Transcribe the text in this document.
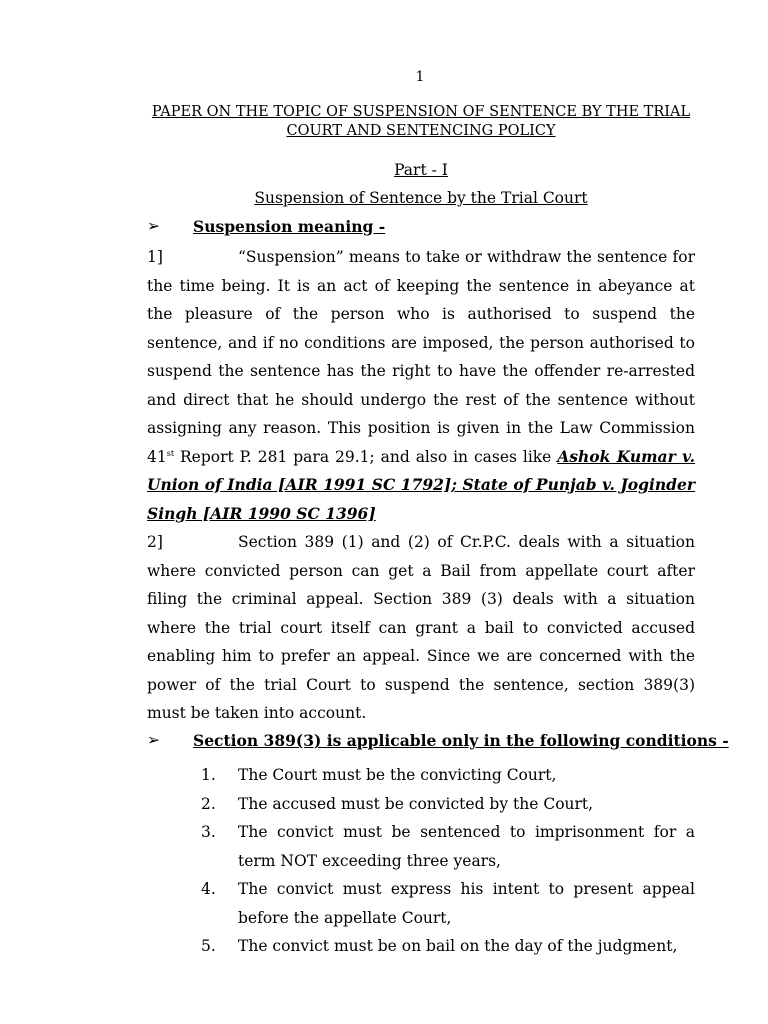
1
PAPER ON THE TOPIC OF SUSPENSION OF SENTENCE BY THE TRIAL COURT AND SENTENCING POLICY
Part - I
Suspension of Sentence by the Trial Court
➢ Suspension meaning -
1]	“Suspension” means to take or withdraw the sentence for the time being. It is an act of keeping the sentence in abeyance at the pleasure of the person who is authorised to suspend the sentence, and if no conditions are imposed, the person authorised to suspend the sentence has the right to have the offender re-arrested and direct that he should undergo the rest of the sentence without assigning any reason. This position is given in the Law Commission 41st Report P. 281 para 29.1; and also in cases like Ashok Kumar v. Union of India [AIR 1991 SC 1792]; State of Punjab v. Joginder Singh [AIR 1990 SC 1396]
2]	Section 389 (1) and (2) of Cr.P.C. deals with a situation where convicted person can get a Bail from appellate court after filing the criminal appeal. Section 389 (3) deals with a situation where the trial court itself can grant a bail to convicted accused enabling him to prefer an appeal. Since we are concerned with the power of the trial Court to suspend the sentence, section 389(3) must be taken into account.
➢ Section 389(3) is applicable only in the following conditions -
1. The Court must be the convicting Court,
2. The accused must be convicted by the Court,
3. The convict must be sentenced to imprisonment for a term NOT exceeding three years,
4. The convict must express his intent to present appeal before the appellate Court,
5. The convict must be on bail on the day of the judgment,
